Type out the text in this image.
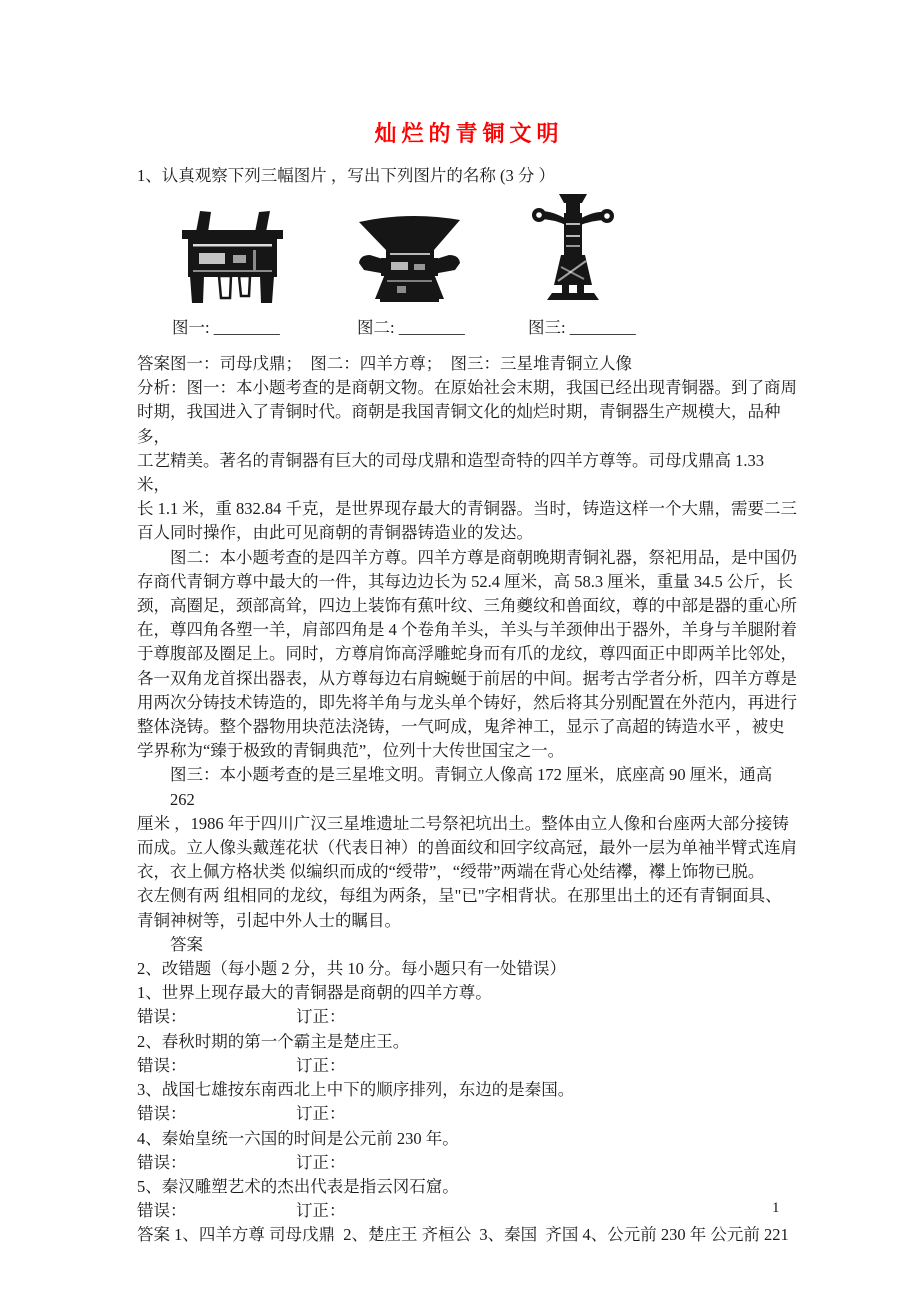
灿烂的青铜文明
1、认真观察下列三幅图片 ，写出下列图片的名称 (3 分 ）
图一: ________	图二: ________	图三: ________
答案图一：司母戊鼎；  图二：四羊方尊；  图三：三星堆青铜立人像
分析：图一：本小题考查的是商朝文物。在原始社会末期，我国已经出现青铜器。到了商周
时期，我国进入了青铜时代。商朝是我国青铜文化的灿烂时期，青铜器生产规模大，品种多，
工艺精美。著名的青铜器有巨大的司母戊鼎和造型奇特的四羊方尊等。司母戊鼎高 1.33 米，
长 1.1 米，重 832.84 千克，是世界现存最大的青铜器。当时，铸造这样一个大鼎，需要二三
百人同时操作，由此可见商朝的青铜器铸造业的发达。
图二：本小题考查的是四羊方尊。四羊方尊是商朝晚期青铜礼器，祭祀用品，是中国仍
存商代青铜方尊中最大的一件，其每边边长为 52.4 厘米，高 58.3 厘米，重量 34.5 公斤，长
颈，高圈足，颈部高耸，四边上装饰有蕉叶纹、三角夔纹和兽面纹，尊的中部是器的重心所
在，尊四角各塑一羊，肩部四角是 4 个卷角羊头，羊头与羊颈伸出于器外，羊身与羊腿附着
于尊腹部及圈足上。同时，方尊肩饰高浮雕蛇身而有爪的龙纹，尊四面正中即两羊比邻处，
各一双角龙首探出器表，从方尊每边右肩蜿蜒于前居的中间。据考古学者分析，四羊方尊是
用两次分铸技术铸造的，即先将羊角与龙头单个铸好，然后将其分别配置在外范内，再进行
整体浇铸。整个器物用块范法浇铸，一气呵成，鬼斧神工，显示了高超的铸造水平 ，被史
学界称为“臻于极致的青铜典范”，位列十大传世国宝之一。
图三：本小题考查的是三星堆文明。青铜立人像高 172 厘米，底座高 90 厘米，通高 262
厘米 ，1986 年于四川广汉三星堆遗址二号祭祀坑出土。整体由立人像和台座两大部分接铸
而成。立人像头戴莲花状（代表日神）的兽面纹和回字纹高冠，最外一层为单袖半臂式连肩
衣，衣上佩方格状类 似编织而成的“绶带”，“绶带”两端在背心处结襻，襻上饰物已脱。
衣左侧有两 组相同的龙纹，每组为两条，呈"已"字相背状。在那里出土的还有青铜面具、
青铜神树等，引起中外人士的瞩目。
答案
2、改错题（每小题 2 分，共 10 分。每小题只有一处错误）
1、世界上现存最大的青铜器是商朝的四羊方尊。
错误：	订正：
2、春秋时期的第一个霸主是楚庄王。
错误：	订正：
3、战国七雄按东南西北上中下的顺序排列，东边的是秦国。
错误：	订正：
4、秦始皇统一六国的时间是公元前 230 年。
错误：	订正：
5、秦汉雕塑艺术的杰出代表是指云冈石窟。
错误：	订正：
答案 1、四羊方尊 司母戊鼎  2、楚庄王 齐桓公  3、秦国  齐国 4、公元前 230 年 公元前 221
1
